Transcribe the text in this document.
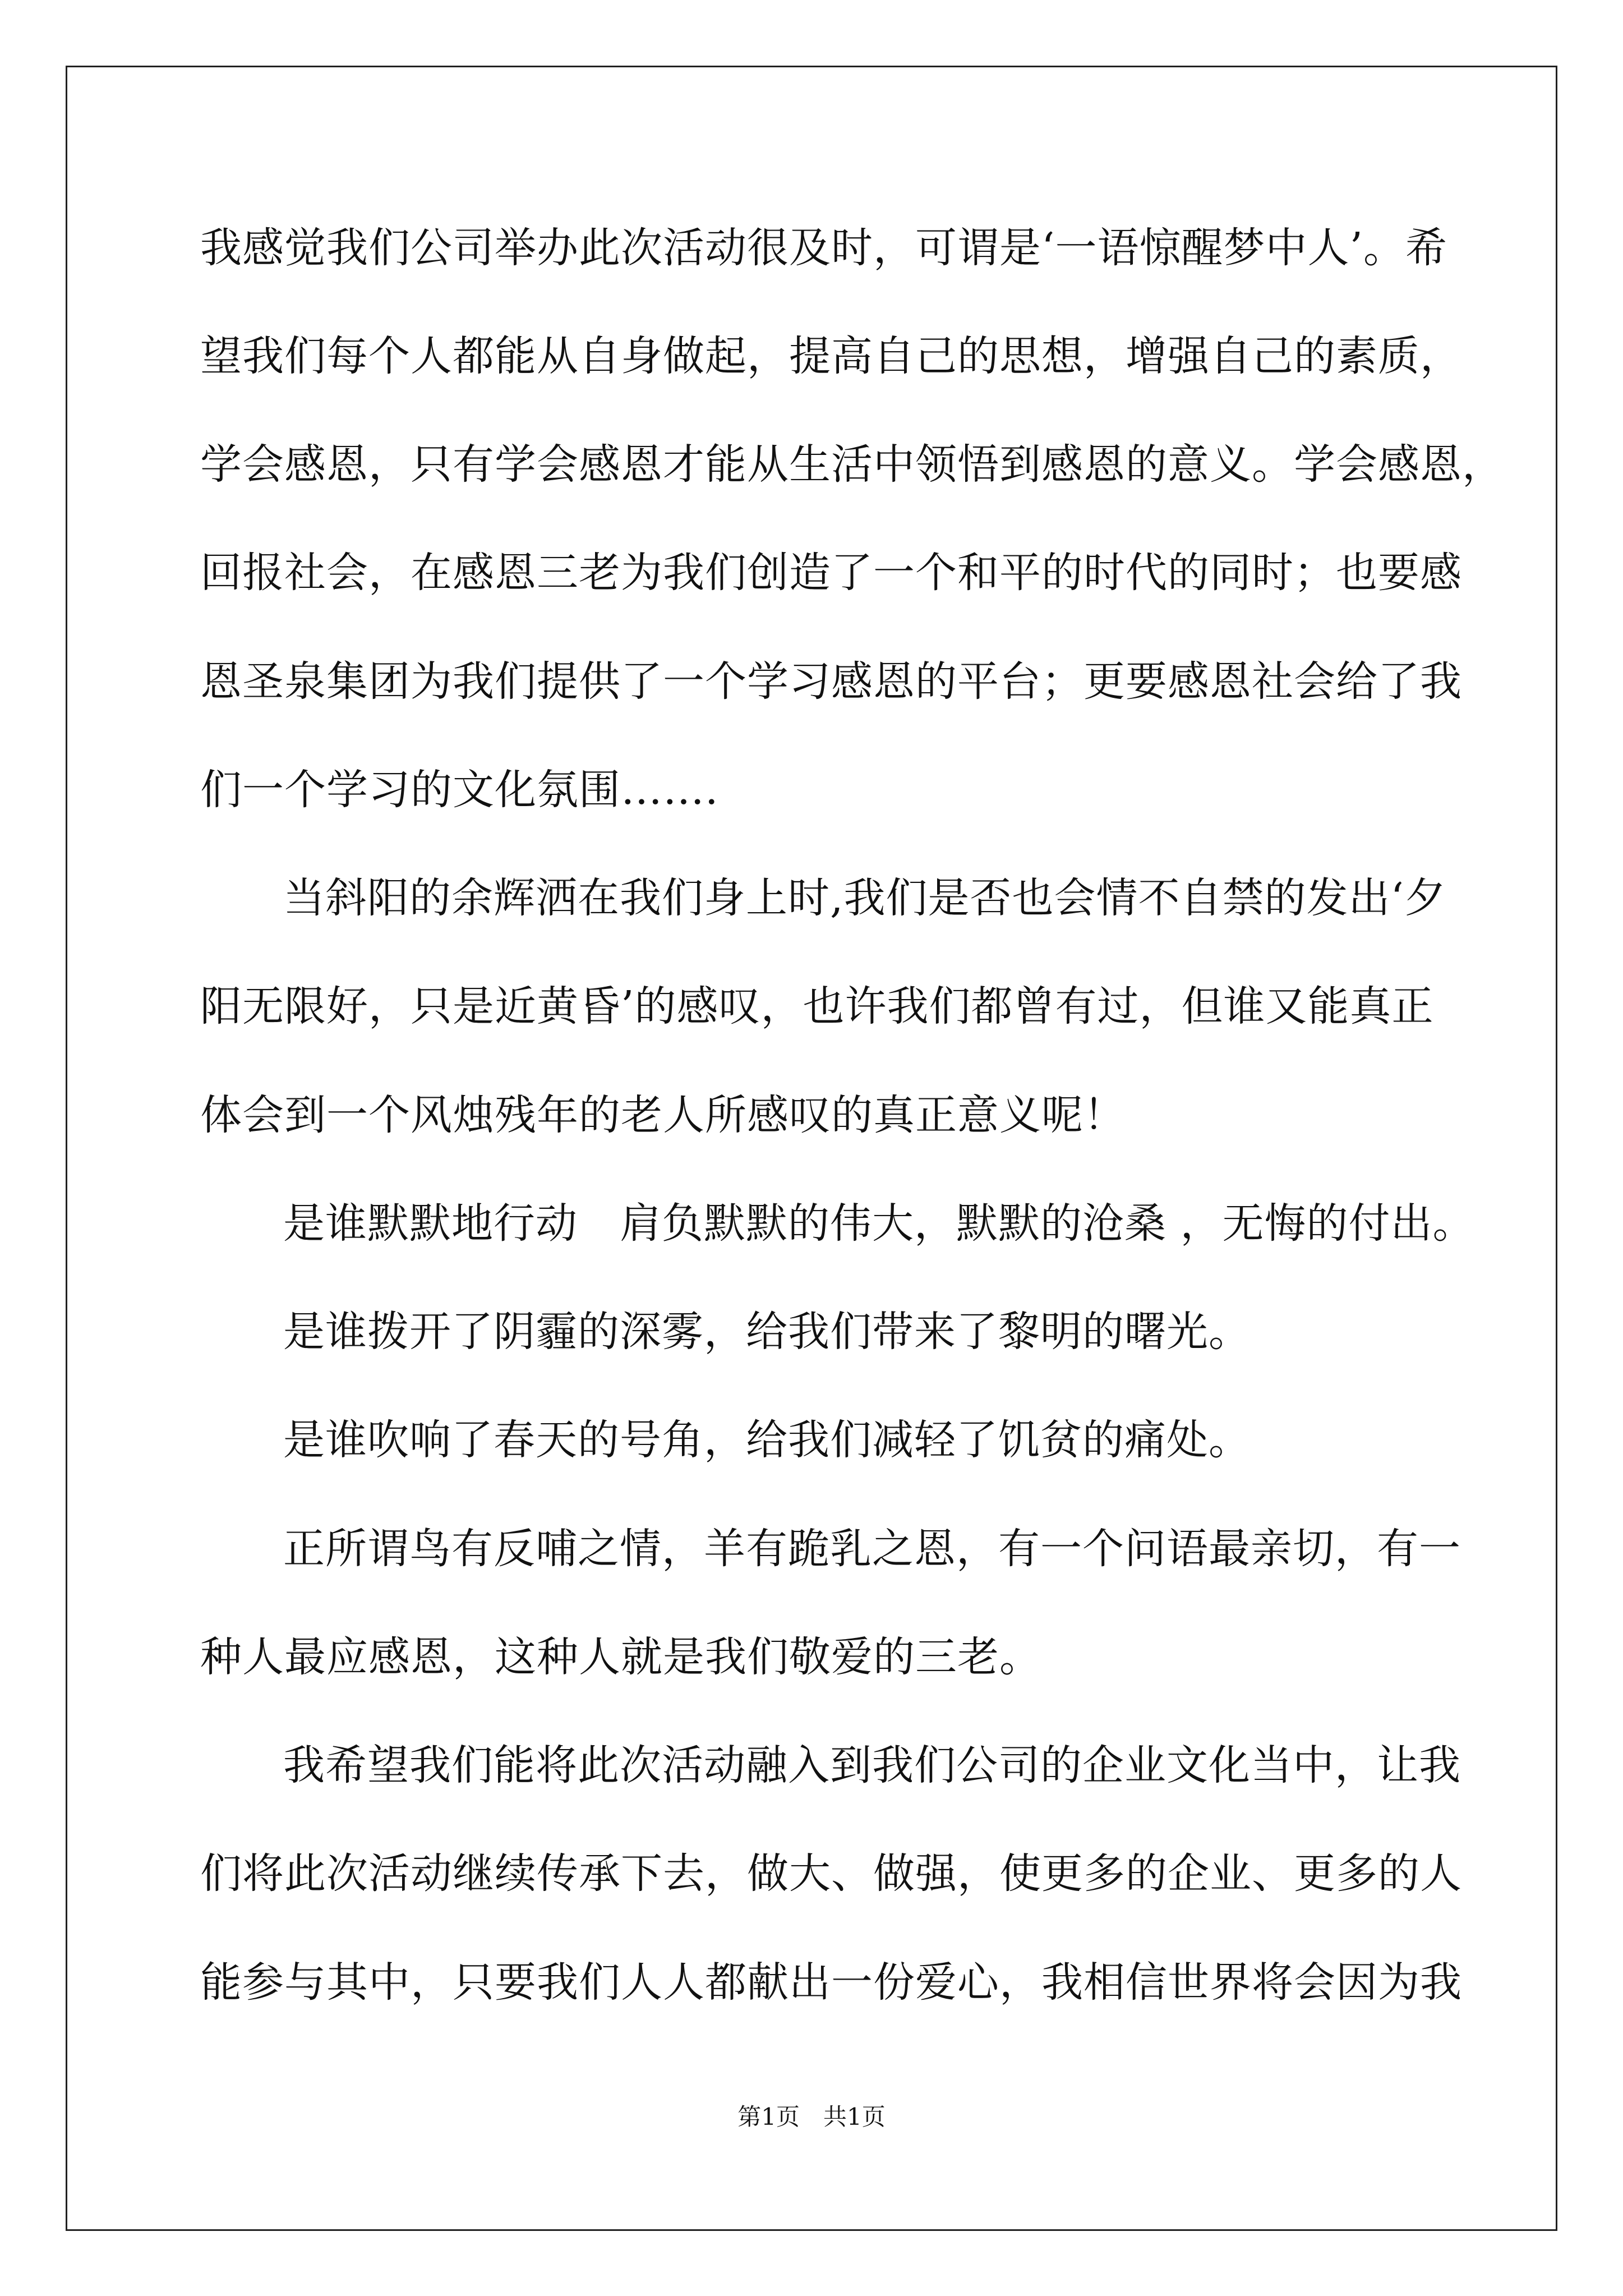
我感觉我们公司举办此次活动很及时，可谓是‘一语惊醒梦中人’。希
望我们每个人都能从自身做起，提高自己的思想，增强自己的素质，
学会感恩，只有学会感恩才能从生活中领悟到感恩的意义。学会感恩，
回报社会，在感恩三老为我们创造了一个和平的时代的同时；也要感
恩圣泉集团为我们提供了一个学习感恩的平台；更要感恩社会给了我
们一个学习的文化氛围…….
当斜阳的余辉洒在我们身上时,我们是否也会情不自禁的发出‘夕
阳无限好，只是近黄昏’的感叹，也许我们都曾有过，但谁又能真正
体会到一个风烛残年的老人所感叹的真正意义呢！
是谁默默地行动　肩负默默的伟大，默默的沧桑 ，无悔的付出。
是谁拨开了阴霾的深雾，给我们带来了黎明的曙光。
是谁吹响了春天的号角，给我们减轻了饥贫的痛处。
正所谓鸟有反哺之情，羊有跪乳之恩，有一个问语最亲切，有一
种人最应感恩，这种人就是我们敬爱的三老。
我希望我们能将此次活动融入到我们公司的企业文化当中，让我
们将此次活动继续传承下去，做大、做强，使更多的企业、更多的人
能参与其中，只要我们人人都献出一份爱心，我相信世界将会因为我
第1页　共1页
